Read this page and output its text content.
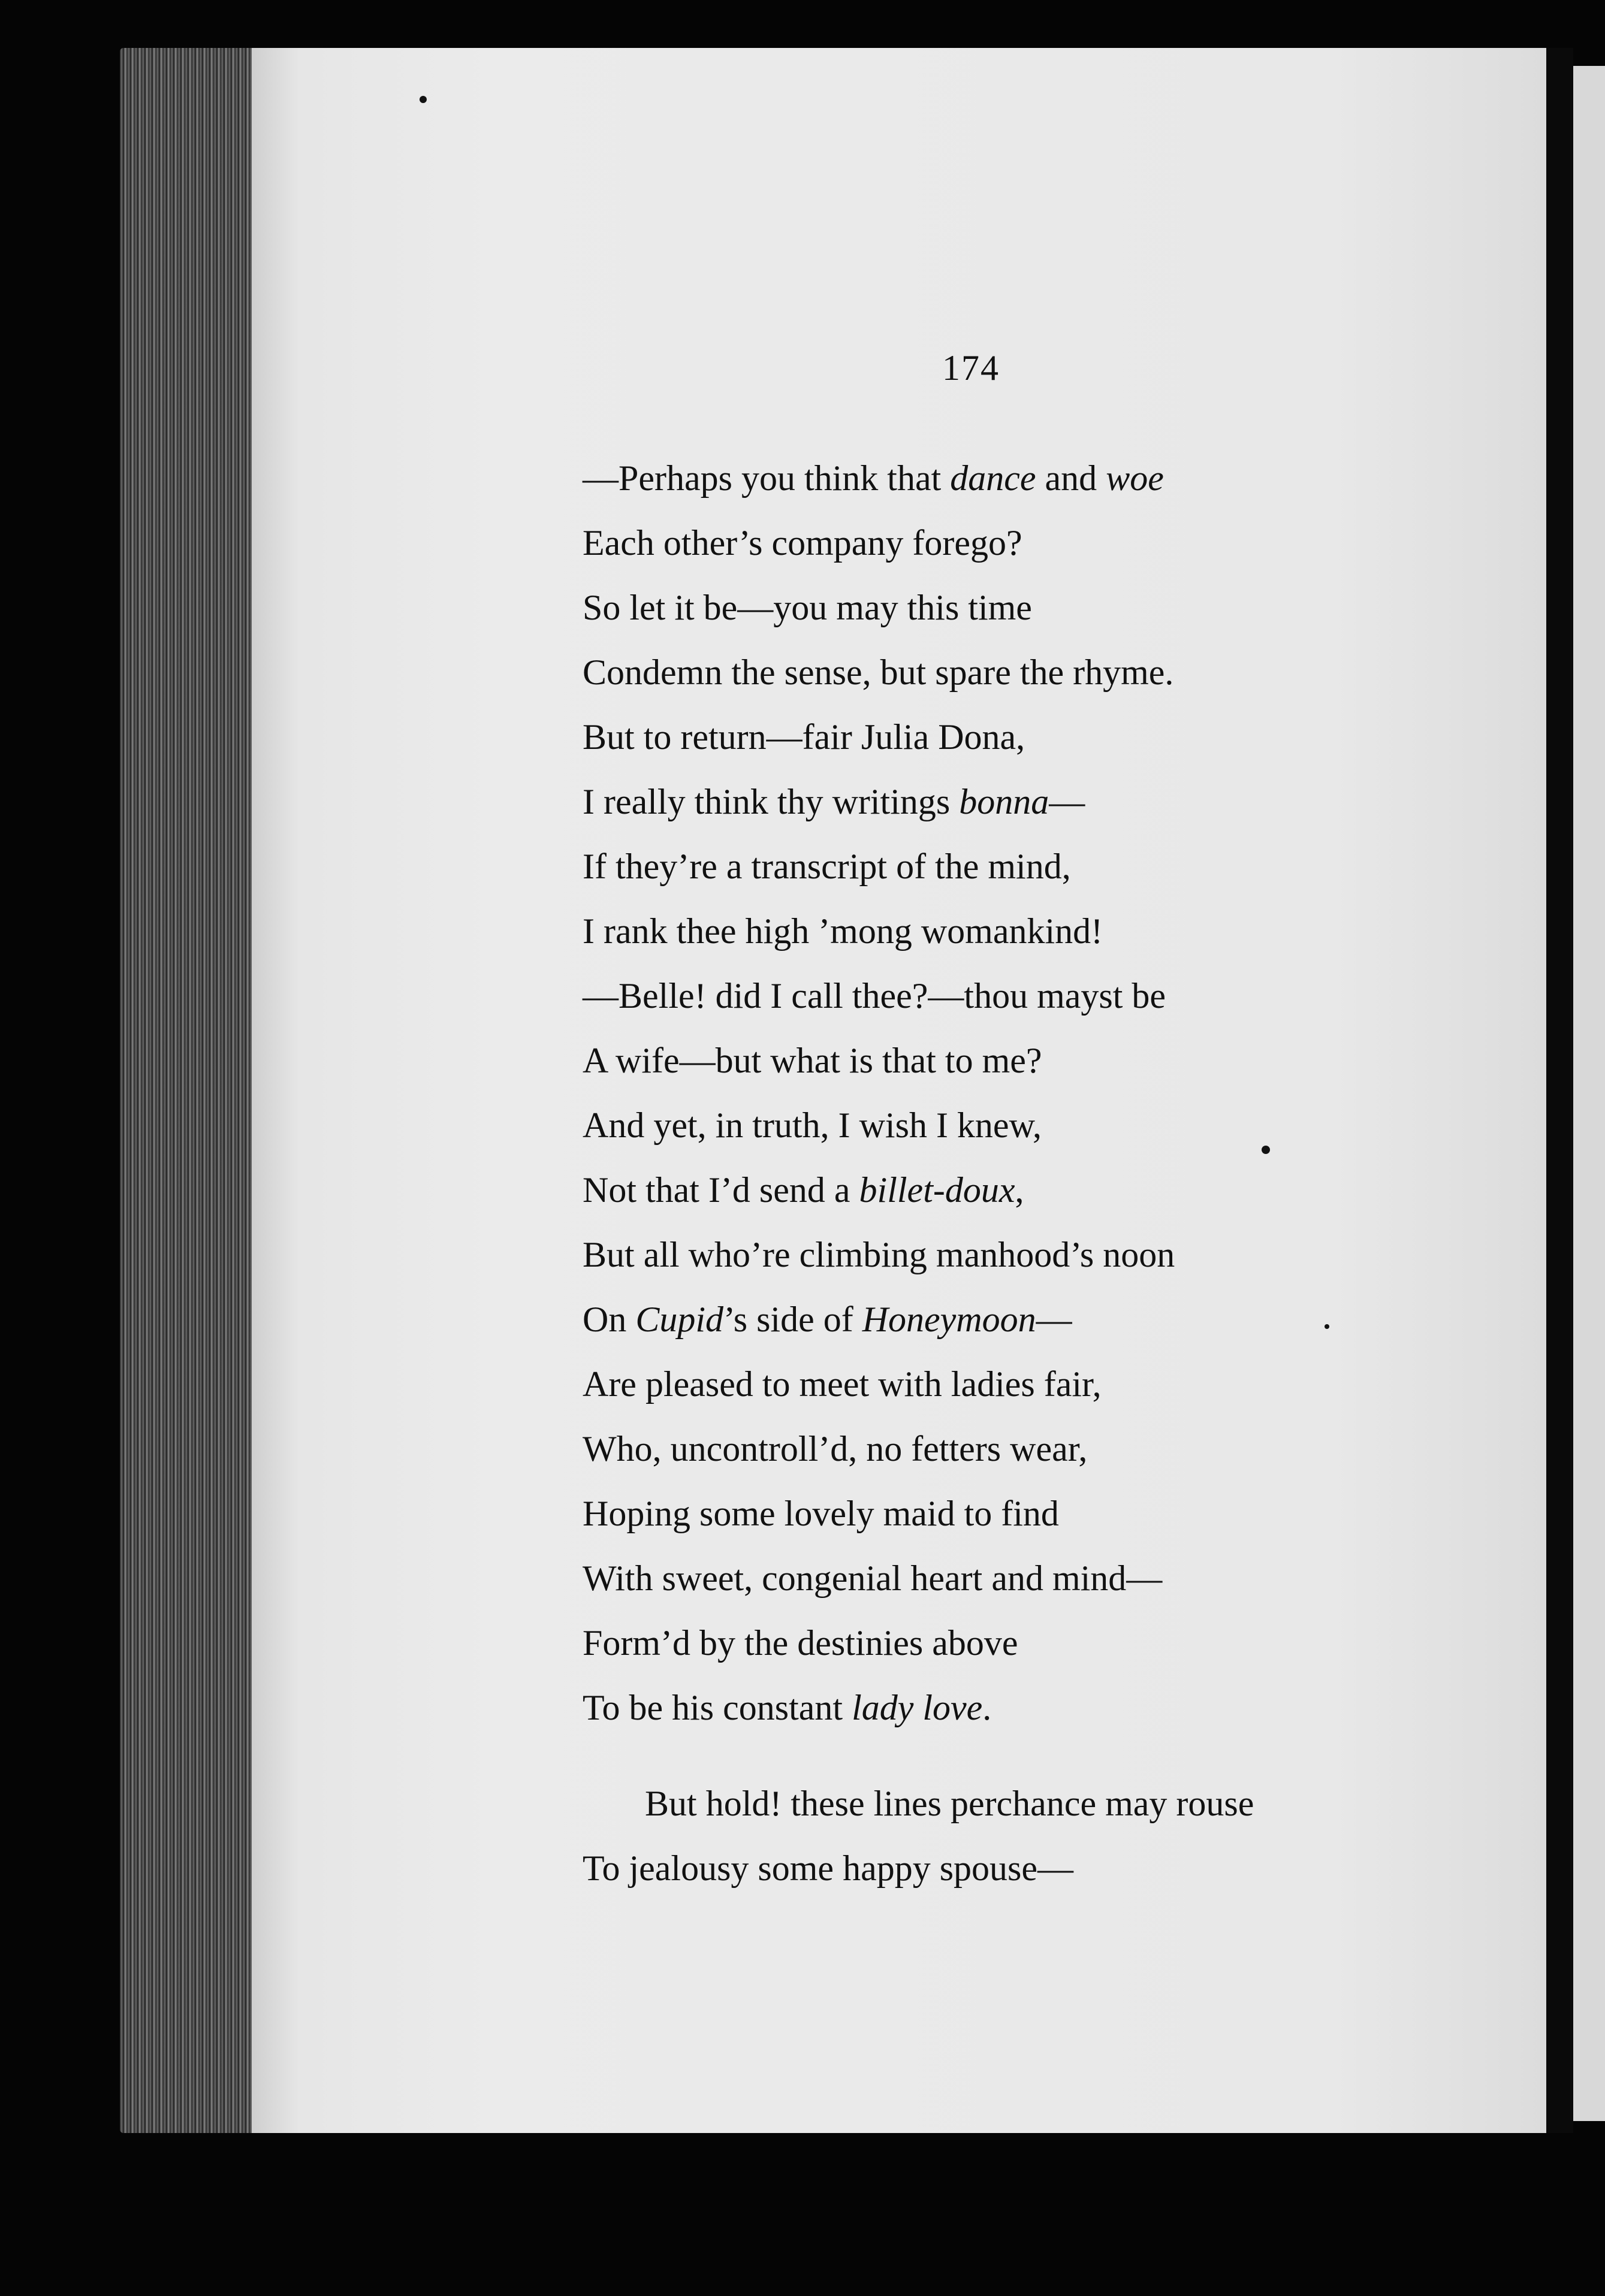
174
—Perhaps you think that dance and woe
Each other’s company forego?
So let it be—you may this time
Condemn the sense, but spare the rhyme.
But to return—fair Julia Dona,
I really think thy writings bonna—
If they’re a transcript of the mind,
I rank thee high ’mong womankind!
—Belle! did I call thee?—thou mayst be
A wife—but what is that to me?
And yet, in truth, I wish I knew,
Not that I’d send a billet-doux,
But all who’re climbing manhood’s noon
On Cupid’s side of Honeymoon—
Are pleased to meet with ladies fair,
Who, uncontroll’d, no fetters wear,
Hoping some lovely maid to find
With sweet, congenial heart and mind—
Form’d by the destinies above
To be his constant lady love.
But hold! these lines perchance may rouse
To jealousy some happy spouse—
